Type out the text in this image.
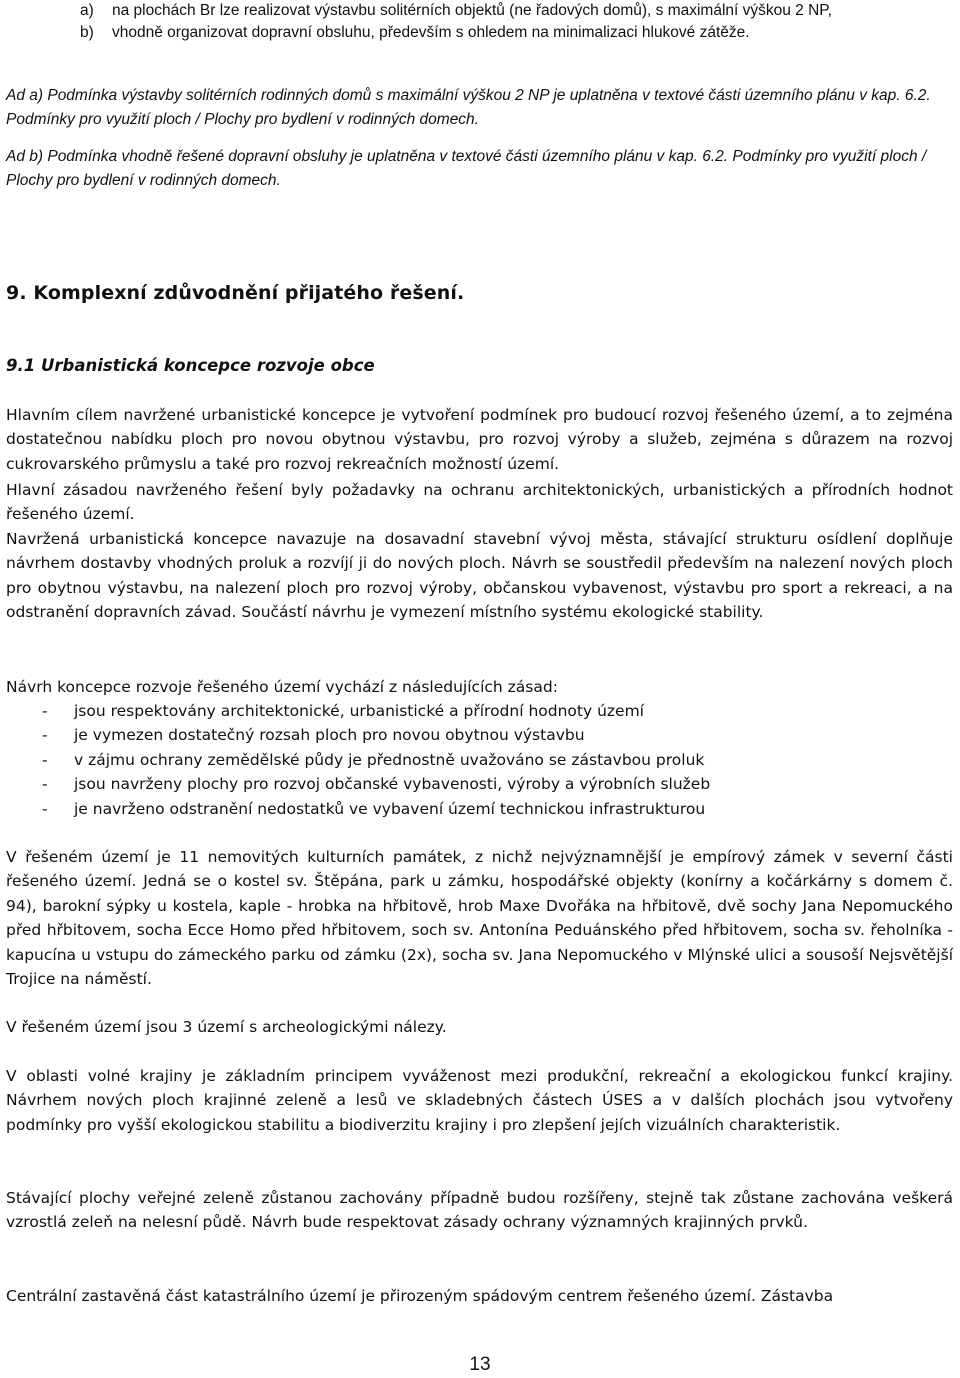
a)	na plochách Br lze realizovat výstavbu solitérních objektů (ne řadových domů), s maximální výškou 2 NP,
b)	vhodně organizovat dopravní obsluhu, především s ohledem na minimalizaci hlukové zátěže.
Ad a) Podmínka výstavby solitérních rodinných domů s maximální výškou 2 NP je uplatněna v textové části územního plánu v kap. 6.2. Podmínky pro využití ploch / Plochy pro bydlení v rodinných domech.
Ad b) Podmínka vhodně řešené dopravní obsluhy je uplatněna v textové části územního plánu v kap. 6.2. Podmínky pro využití ploch / Plochy pro bydlení v rodinných domech.
9. Komplexní zdůvodnění přijatého řešení.
9.1 Urbanistická koncepce rozvoje obce

Hlavním cílem navržené urbanistické koncepce je vytvoření podmínek pro budoucí rozvoj řešeného území, a to zejména dostatečnou nabídku ploch pro novou obytnou výstavbu, pro rozvoj výroby a služeb, zejména s důrazem na rozvoj cukrovarského průmyslu a také pro rozvoj rekreačních možností území.

Hlavní zásadou navrženého řešení byly požadavky na ochranu architektonických, urbanistických a přírodních hodnot řešeného území.

Navržená urbanistická koncepce navazuje na dosavadní stavební vývoj města, stávající strukturu osídlení doplňuje návrhem dostavby vhodných proluk a rozvíjí ji do nových ploch. Návrh se soustředil především na nalezení nových ploch pro obytnou výstavbu, na nalezení ploch pro rozvoj výroby, občanskou vybavenost, výstavbu pro sport a rekreaci, a na odstranění dopravních závad. Součástí návrhu je vymezení místního systému ekologické stability.

Návrh koncepce rozvoje řešeného území vychází z následujících zásad:

-	jsou respektovány architektonické, urbanistické a přírodní hodnoty území
-	je vymezen dostatečný rozsah ploch pro novou obytnou výstavbu
-	v zájmu ochrany zemědělské půdy je přednostně uvažováno se zástavbou proluk
-	jsou navrženy plochy pro rozvoj občanské vybavenosti, výroby a výrobních služeb
-	je navrženo odstranění nedostatků ve vybavení území technickou infrastrukturou

V řešeném území je 11 nemovitých kulturních památek, z nichž nejvýznamnější je empírový zámek v severní části řešeného území. Jedná se o kostel sv. Štěpána, park u zámku, hospodářské objekty (konírny a kočárkárny s domem č. 94), barokní sýpky u kostela, kaple - hrobka na hřbitově, hrob Maxe Dvořáka na hřbitově, dvě sochy Jana Nepomuckého před hřbitovem, socha Ecce Homo před hřbitovem, soch sv. Antonína Peduánského před hřbitovem, socha sv. řeholníka - kapucína u vstupu do zámeckého parku od zámku (2x), socha sv. Jana Nepomuckého v Mlýnské ulici a sousoší Nejsvětější Trojice na náměstí.

V řešeném území jsou 3 území s archeologickými nálezy.

V oblasti volné krajiny je základním principem vyváženost mezi produkční, rekreační a ekologickou funkcí krajiny. Návrhem nových ploch krajinné zeleně a lesů ve skladebných částech ÚSES a v dalších plochách jsou vytvořeny podmínky pro vyšší ekologickou stabilitu a biodiverzitu krajiny i pro zlepšení jejích vizuálních charakteristik.

Stávající plochy veřejné zeleně zůstanou zachovány případně budou rozšířeny, stejně tak zůstane zachována veškerá vzrostlá zeleň na nelesní půdě. Návrh bude respektovat zásady ochrany významných krajinných prvků.

Centrální zastavěná část katastrálního území je přirozeným spádovým centrem řešeného území. Zástavba

13
